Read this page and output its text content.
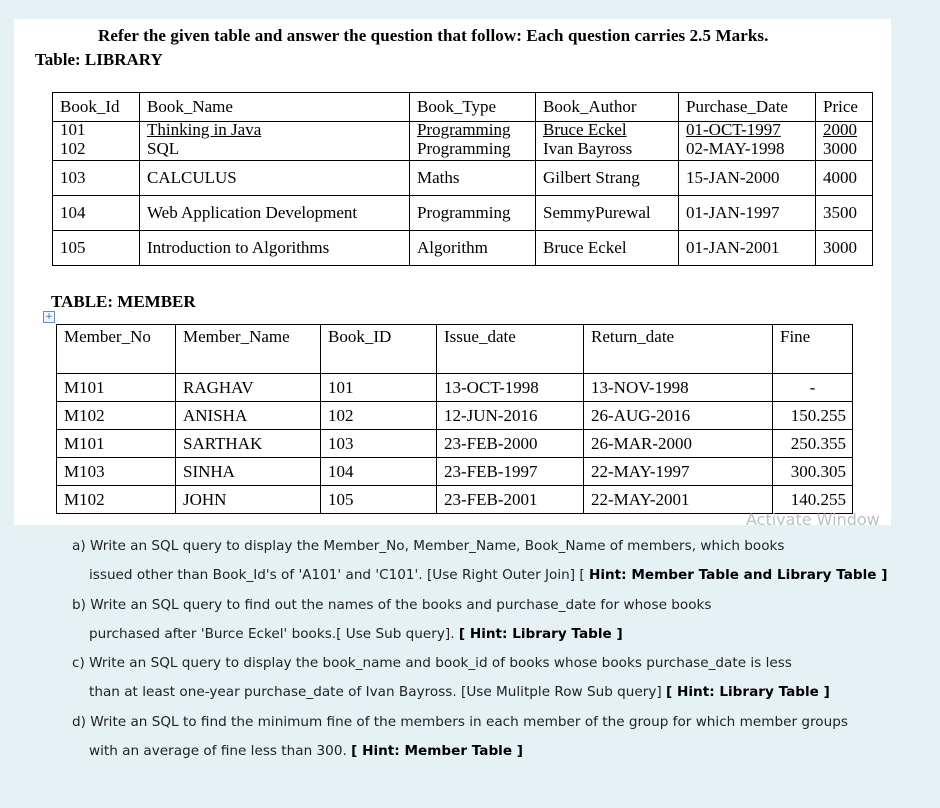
Refer the given table and answer the question that follow: Each question carries 2.5 Marks.
Table: LIBRARY
Book_Id	Book_Name	Book_Type	Book_Author	Purchase_Date	Price
101	Thinking in Java	Programming	Bruce Eckel	01-OCT-1997	2000
102	SQL	Programming	Ivan Bayross	02-MAY-1998	3000
103	CALCULUS	Maths	Gilbert Strang	15-JAN-2000	4000
104	Web Application Development	Programming	SemmyPurewal	01-JAN-1997	3500
105	Introduction to Algorithms	Algorithm	Bruce Eckel	01-JAN-2001	3000
TABLE: MEMBER
+
Member_No	Member_Name	Book_ID	Issue_date	Return_date	Fine
M101	RAGHAV	101	13-OCT-1998	13-NOV-1998	-
M102	ANISHA	102	12-JUN-2016	26-AUG-2016	150.255
M101	SARTHAK	103	23-FEB-2000	26-MAR-2000	250.355
M103	SINHA	104	23-FEB-1997	22-MAY-1997	300.305
M102	JOHN	105	23-FEB-2001	22-MAY-2001	140.255
Activate Window
a) Write an SQL query to display the Member_No, Member_Name, Book_Name of members, which books
issued other than Book_Id's of 'A101' and 'C101'. [Use Right Outer Join] [ Hint: Member Table and Library Table ]
b) Write an SQL query to find out the names of the books and purchase_date for whose books
purchased after 'Burce Eckel' books.[ Use Sub query]. [ Hint: Library Table ]
c) Write an SQL query to display the book_name and book_id of books whose books purchase_date is less
than at least one-year purchase_date of Ivan Bayross. [Use Mulitple Row Sub query] [ Hint: Library Table ]
d) Write an SQL to find the minimum fine of the members in each member of the group for which member groups
with an average of fine less than 300. [ Hint: Member Table ]
